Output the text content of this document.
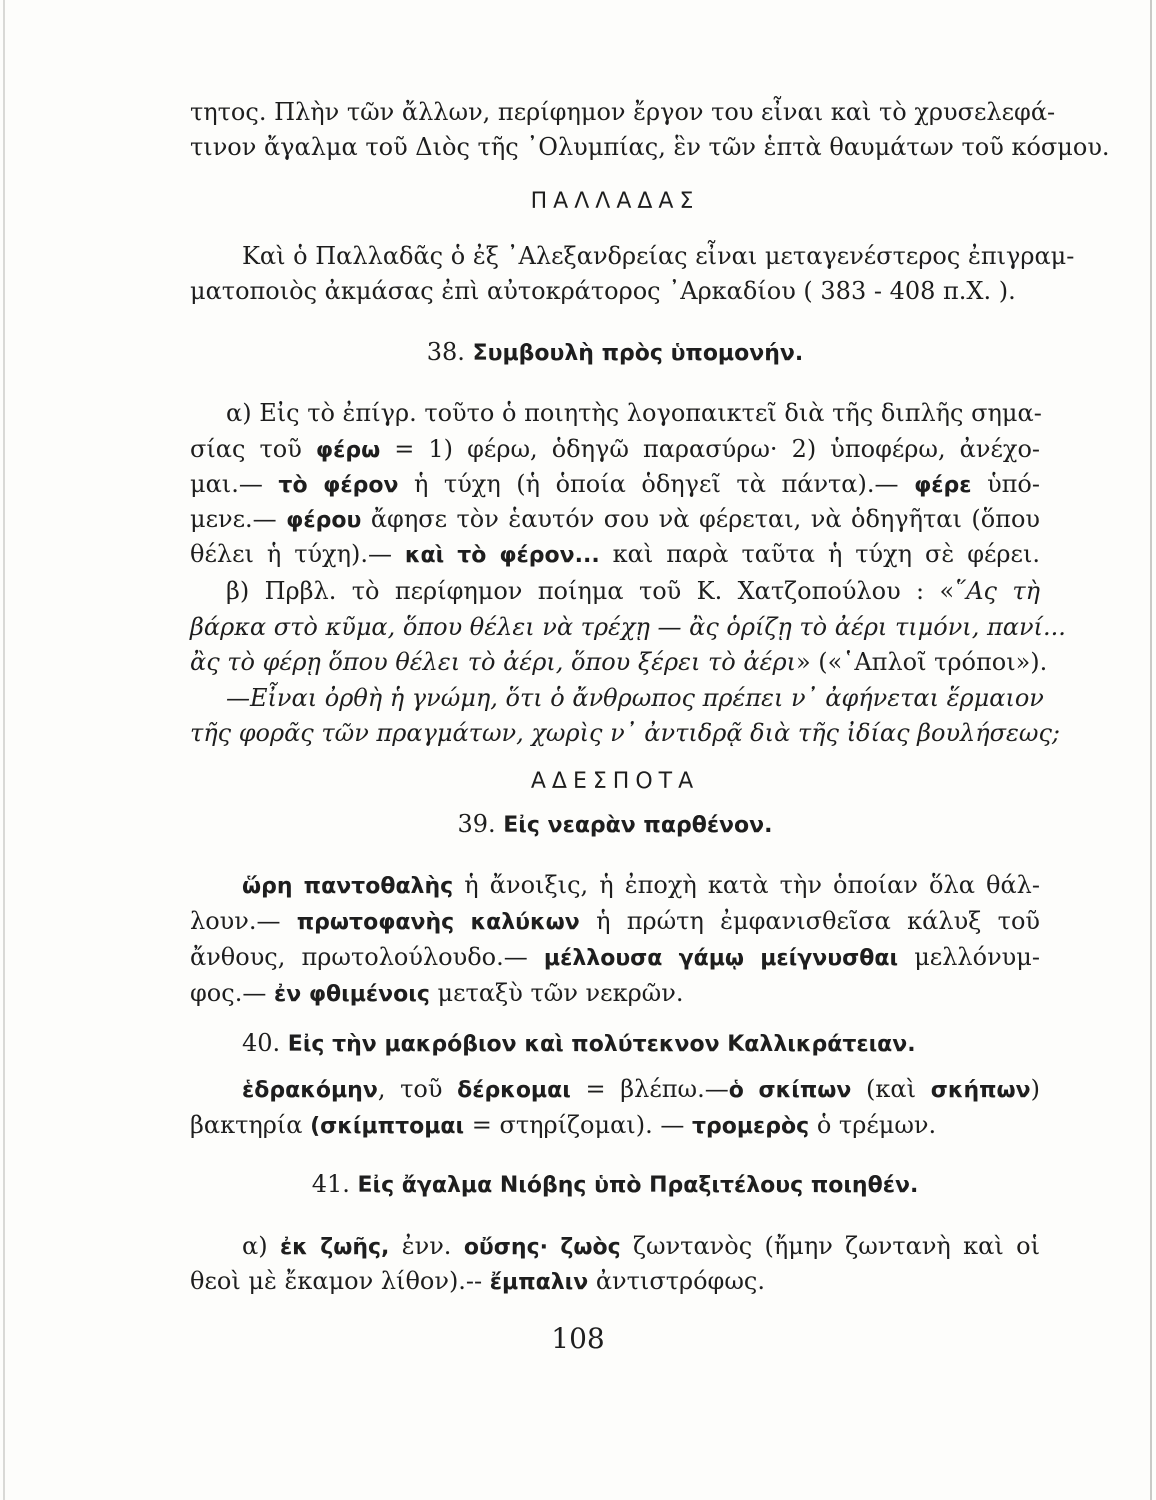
τητος. Πλὴν τῶν ἄλλων, περίφημον ἔργον του εἶναι καὶ τὸ χρυσελεφά-
τινον ἄγαλμα τοῦ Διὸς τῆς ᾽Ολυμπίας, ἓν τῶν ἑπτὰ θαυμάτων τοῦ κόσμου.
ΠΑΛΛΑΔΑΣ
Καὶ ὁ Παλλαδᾶς ὁ ἐξ ᾽Αλεξανδρείας εἶναι μεταγενέστερος ἐπιγραμ-
ματοποιὸς ἀκμάσας ἐπὶ αὐτοκράτορος ᾽Αρκαδίου ( 383 - 408 π.Χ. ).
38. Συμβουλὴ πρὸς ὑπομονήν.
α) Εἰς τὸ ἐπίγρ. τοῦτο ὁ ποιητὴς λογοπαικτεῖ διὰ τῆς διπλῆς σημα-
σίας τοῦ φέρω = 1) φέρω, ὁδηγῶ παρασύρω· 2) ὑποφέρω, ἀνέχο-
μαι.— τὸ φέρον ἡ τύχη (ἡ ὁποία ὁδηγεῖ τὰ πάντα).— φέρε ὑπό-
μενε.— φέρου ἄφησε τὸν ἑαυτόν σου νὰ φέρεται, νὰ ὁδηγῆται (ὅπου
θέλει ἡ τύχη).— καὶ τὸ φέρον... καὶ παρὰ ταῦτα ἡ τύχη σὲ φέρει.
β) Πρβλ. τὸ περίφημον ποίημα τοῦ Κ. Χατζοπούλου : «῞Ας τὴ
βάρκα στὸ κῦμα, ὅπου θέλει νὰ τρέχῃ — ἂς ὁρίζῃ τὸ ἀέρι τιμόνι, πανί...
ἂς τὸ φέρῃ ὅπου θέλει τὸ ἀέρι, ὅπου ξέρει τὸ ἀέρι» («῾Απλοῖ τρόποι»).
—Εἶναι ὀρθὴ ἡ γνώμη, ὅτι ὁ ἄνθρωπος πρέπει ν᾽ ἀφήνεται ἕρμαιον
τῆς φορᾶς τῶν πραγμάτων, χωρὶς ν᾽ ἀντιδρᾷ διὰ τῆς ἰδίας βουλήσεως;
ΑΔΕΣΠΟΤΑ
39. Εἰς νεαρὰν παρθένον.
ὥρη παντοθαλὴς ἡ ἄνοιξις, ἡ ἐποχὴ κατὰ τὴν ὁποίαν ὅλα θάλ-
λουν.— πρωτοφανὴς καλύκων ἡ πρώτη ἐμφανισθεῖσα κάλυξ τοῦ
ἄνθους, πρωτολούλουδο.— μέλλουσα γάμῳ μείγνυσθαι μελλόνυμ-
φος.— ἐν φθιμένοις μεταξὺ τῶν νεκρῶν.
40. Εἰς τὴν μακρόβιον καὶ πολύτεκνον Καλλικράτειαν.
ἑδρακόμην, τοῦ δέρκομαι = βλέπω.—ὁ σκίπων (καὶ σκήπων)
βακτηρία (σκίμπτομαι = στηρίζομαι). — τρομερὸς ὁ τρέμων.
41. Εἰς ἄγαλμα Νιόβης ὑπὸ Πραξιτέλους ποιηθέν.
α) ἐκ ζωῆς, ἐνν. οὔσης· ζωὸς ζωντανὸς (ἤμην ζωντανὴ καὶ οἱ
θεοὶ μὲ ἔκαμον λίθον).-- ἔμπαλιν ἀντιστρόφως.
108
